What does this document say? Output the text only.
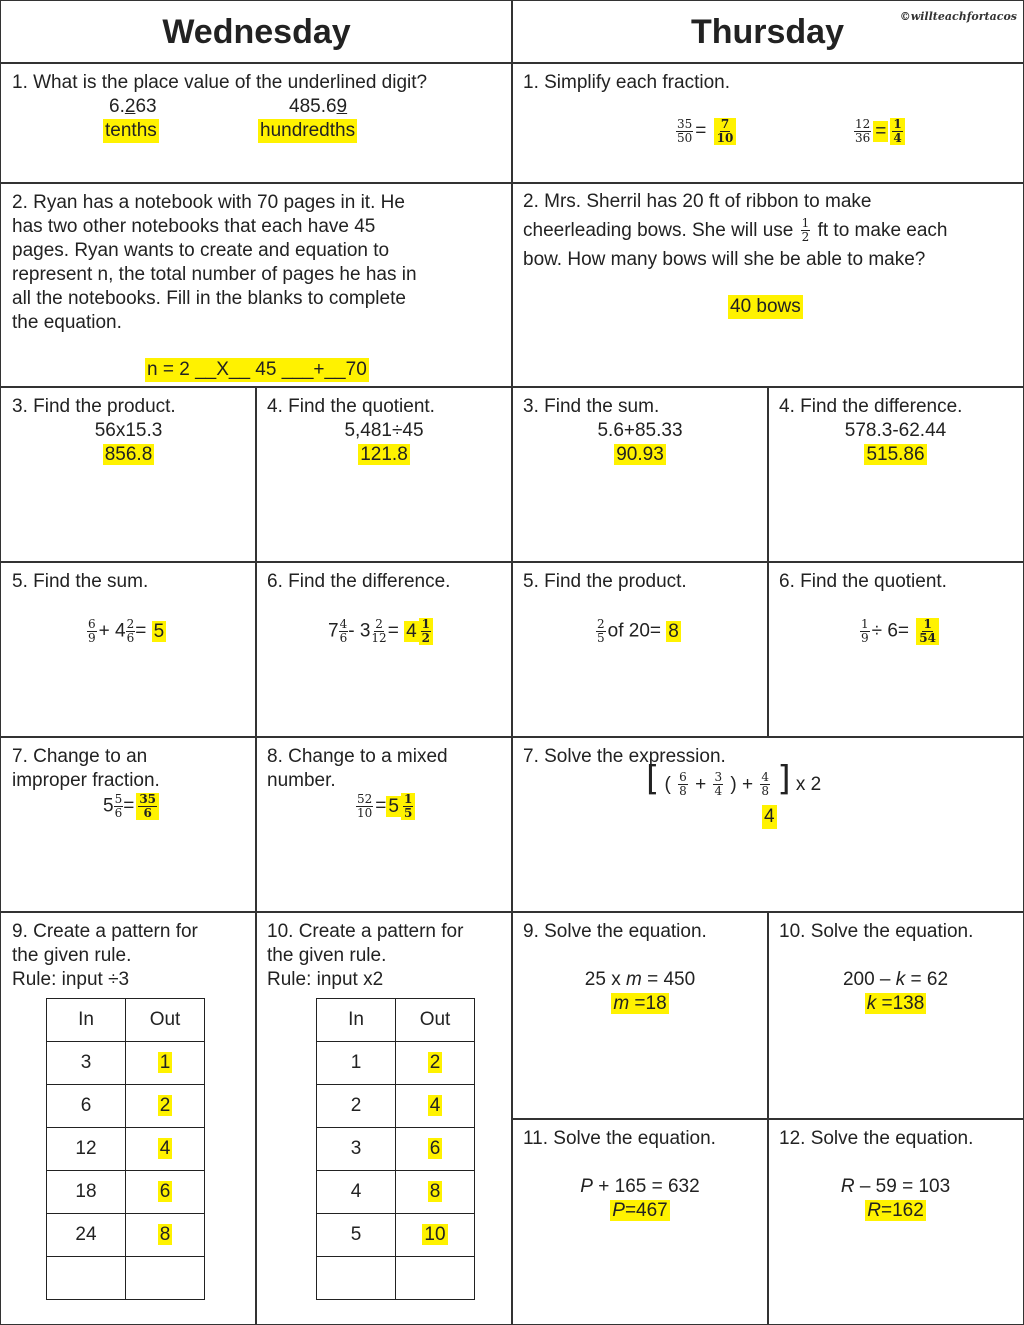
Wednesday	Thursday	©willteachfortacos
1. What is the place value of the underlined digit?
6.263
tenths
485.69
hundredths
1. Simplify each fraction.
$\frac{35}{50} = \frac{7}{10}$	$\frac{12}{36} = \frac{1}{4}$
2. Ryan has a notebook with 70 pages in it. He
has two other notebooks that each have 45
pages. Ryan wants to create and equation to
represent n, the total number of pages he has in
all the notebooks. Fill in the blanks to complete
the equation.
n = 2 __X__ 45 ___+__70
2. Mrs. Sherril has 20 ft of ribbon to make
cheerleading bows. She will use $\frac{1}{2}$ ft to make each
bow. How many bows will she be able to make?
40 bows
3. Find the product.
56x15.3
856.8
4. Find the quotient.
5,481÷45
121.8
3. Find the sum.
5.6+85.33
90.93
4. Find the difference.
578.3-62.44
515.86
5. Find the sum.
$\frac{6}{9} + 4 \frac{2}{6} = 5$
6. Find the difference.
$7 \frac{4}{6} - 3 \frac{2}{12} = 4 \frac{1}{2}$
5. Find the product.
$\frac{2}{5}$ of 20= 8
6. Find the quotient.
$\frac{1}{9} \div 6= \frac{1}{54}$
7. Change to an
improper fraction.
$5 \frac{5}{6} = \frac{35}{6}$
8. Change to a mixed
number.
$\frac{52}{10} = 5 \frac{1}{5}$
7. Solve the expression.
[ ( $\frac{6}{8} + \frac{3}{4}$ ) + $\frac{4}{8}$ ] x 2
4
9. Create a pattern for
the given rule.
Rule: input ÷3
In	Out
3	1
6	2
12	4
18	6
24	8

10. Create a pattern for
the given rule.
Rule: input x2
In	Out
1	2
2	4
3	6
4	8
5	10

9. Solve the equation.
25 x m = 450
m =18
10. Solve the equation.
200 – k = 62
k =138
11. Solve the equation.
P + 165 = 632
P=467
12. Solve the equation.
R – 59 = 103
R=162
